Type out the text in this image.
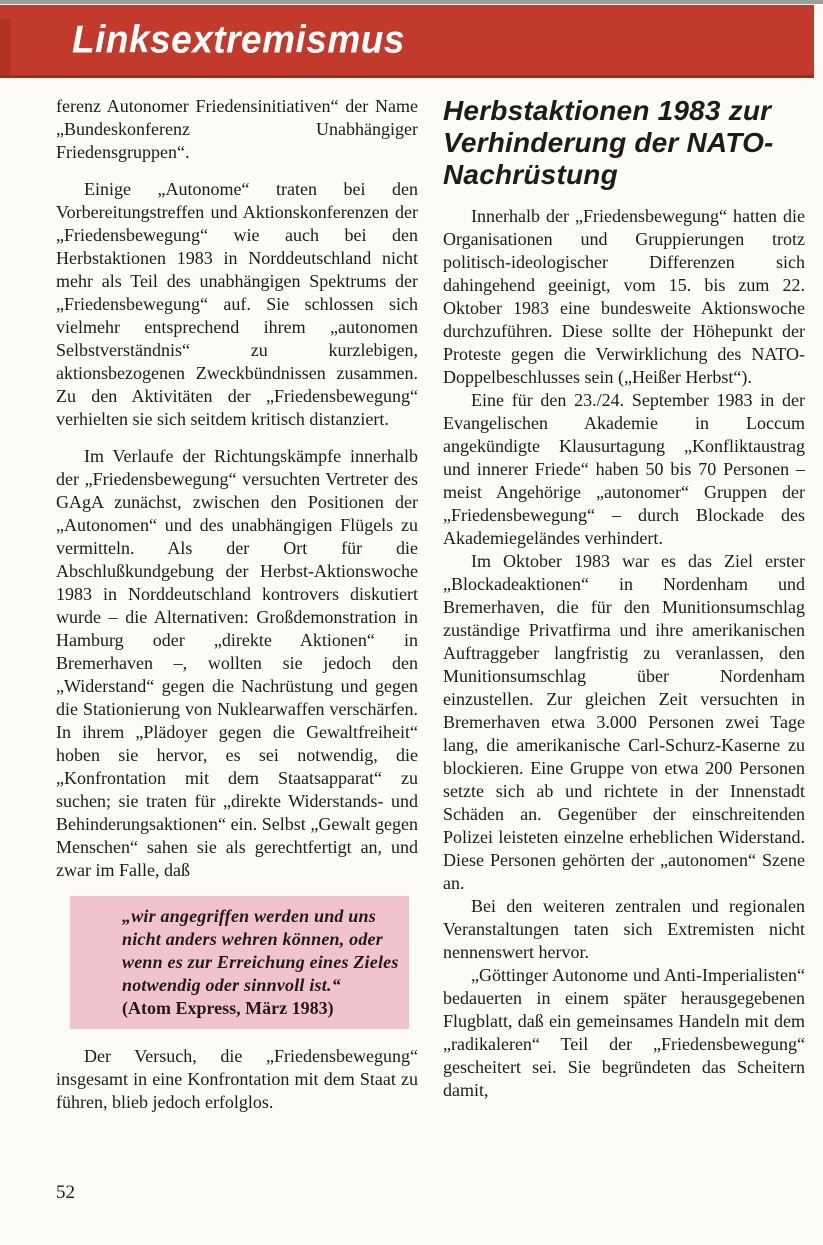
Linksextremismus

ferenz Autonomer Friedensinitiativen“ der Name „Bundeskonferenz Unabhängiger Friedensgruppen“.

Einige „Autonome“ traten bei den Vorbereitungstreffen und Aktionskonferenzen der „Friedensbewegung“ wie auch bei den Herbstaktionen 1983 in Norddeutschland nicht mehr als Teil des unabhängigen Spektrums der „Friedensbewegung“ auf. Sie schlossen sich vielmehr entsprechend ihrem „autonomen Selbstverständnis“ zu kurzlebigen, aktionsbezogenen Zweckbündnissen zusammen. Zu den Aktivitäten der „Friedensbewegung“ verhielten sie sich seitdem kritisch distanziert.

Im Verlaufe der Richtungskämpfe innerhalb der „Friedensbewegung“ versuchten Vertreter des GAgA zunächst, zwischen den Positionen der „Autonomen“ und des unabhängigen Flügels zu vermitteln. Als der Ort für die Abschlußkundgebung der Herbst-Aktionswoche 1983 in Norddeutschland kontrovers diskutiert wurde – die Alternativen: Großdemonstration in Hamburg oder „direkte Aktionen“ in Bremerhaven –, wollten sie jedoch den „Widerstand“ gegen die Nachrüstung und gegen die Stationierung von Nuklearwaffen verschärfen. In ihrem „Plädoyer gegen die Gewaltfreiheit“ hoben sie hervor, es sei notwendig, die „Konfrontation mit dem Staatsapparat“ zu suchen; sie traten für „direkte Widerstands- und Behinderungsaktionen“ ein. Selbst „Gewalt gegen Menschen“ sahen sie als gerechtfertigt an, und zwar im Falle, daß

„wir angegriffen werden und uns nicht anders wehren können, oder wenn es zur Erreichung eines Zieles notwendig oder sinnvoll ist.“
(Atom Express, März 1983)

Der Versuch, die „Friedensbewegung“ insgesamt in eine Konfrontation mit dem Staat zu führen, blieb jedoch erfolglos.

Herbstaktionen 1983 zur Verhinderung der NATO-Nachrüstung

Innerhalb der „Friedensbewegung“ hatten die Organisationen und Gruppierungen trotz politisch-ideologischer Differenzen sich dahingehend geeinigt, vom 15. bis zum 22. Oktober 1983 eine bundesweite Aktionswoche durchzuführen. Diese sollte der Höhepunkt der Proteste gegen die Verwirklichung des NATO-Doppelbeschlusses sein („Heißer Herbst“).

Eine für den 23./24. September 1983 in der Evangelischen Akademie in Loccum angekündigte Klausurtagung „Konfliktaustrag und innerer Friede“ haben 50 bis 70 Personen – meist Angehörige „autonomer“ Gruppen der „Friedensbewegung“ – durch Blockade des Akademiegeländes verhindert.

Im Oktober 1983 war es das Ziel erster „Blockadeaktionen“ in Nordenham und Bremerhaven, die für den Munitionsumschlag zuständige Privatfirma und ihre amerikanischen Auftraggeber langfristig zu veranlassen, den Munitionsumschlag über Nordenham einzustellen. Zur gleichen Zeit versuchten in Bremerhaven etwa 3.000 Personen zwei Tage lang, die amerikanische Carl-Schurz-Kaserne zu blockieren. Eine Gruppe von etwa 200 Personen setzte sich ab und richtete in der Innenstadt Schäden an. Gegenüber der einschreitenden Polizei leisteten einzelne erheblichen Widerstand. Diese Personen gehörten der „autonomen“ Szene an.

Bei den weiteren zentralen und regionalen Veranstaltungen taten sich Extremisten nicht nennenswert hervor.

„Göttinger Autonome und Anti-Imperialisten“ bedauerten in einem später herausgegebenen Flugblatt, daß ein gemeinsames Handeln mit dem „radikaleren“ Teil der „Friedensbewegung“ gescheitert sei. Sie begründeten das Scheitern damit,

52
